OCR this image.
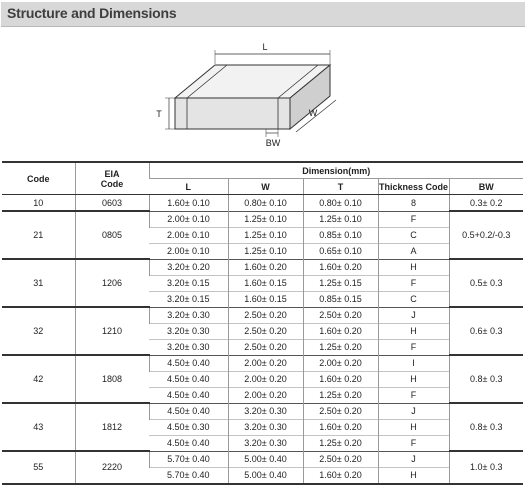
Structure and Dimensions
L
T	W
BW
Code	EIA
Code	Dimension(mm)				
		L	W	T	Thickness Code	BW
10	0603	1.60± 0.10	0.80± 0.10	0.80± 0.10	8	0.3± 0.2
21	0805	2.00± 0.10	1.25± 0.10	1.25± 0.10	F	0.5+0.2/-0.3
		2.00± 0.10	1.25± 0.10	0.85± 0.10	C	
		2.00± 0.10	1.25± 0.10	0.65± 0.10	A	
31	1206	3.20± 0.20	1.60± 0.20	1.60± 0.20	H	0.5± 0.3
		3.20± 0.15	1.60± 0.15	1.25± 0.15	F	
		3.20± 0.15	1.60± 0.15	0.85± 0.15	C	
32	1210	3.20± 0.30	2.50± 0.20	2.50± 0.20	J	0.6± 0.3
		3.20± 0.30	2.50± 0.20	1.60± 0.20	H	
		3.20± 0.30	2.50± 0.20	1.25± 0.20	F	
42	1808	4.50± 0.40	2.00± 0.20	2.00± 0.20	I	0.8± 0.3
		4.50± 0.40	2.00± 0.20	1.60± 0.20	H	
		4.50± 0.40	2.00± 0.20	1.25± 0.20	F	
43	1812	4.50± 0.40	3.20± 0.30	2.50± 0.20	J	0.8± 0.3
		4.50± 0.30	3.20± 0.30	1.60± 0.20	H	
		4.50± 0.40	3.20± 0.30	1.25± 0.20	F	
55	2220	5.70± 0.40	5.00± 0.40	2.50± 0.20	J	1.0± 0.3
		5.70± 0.40	5.00± 0.40	1.60± 0.20	H	
